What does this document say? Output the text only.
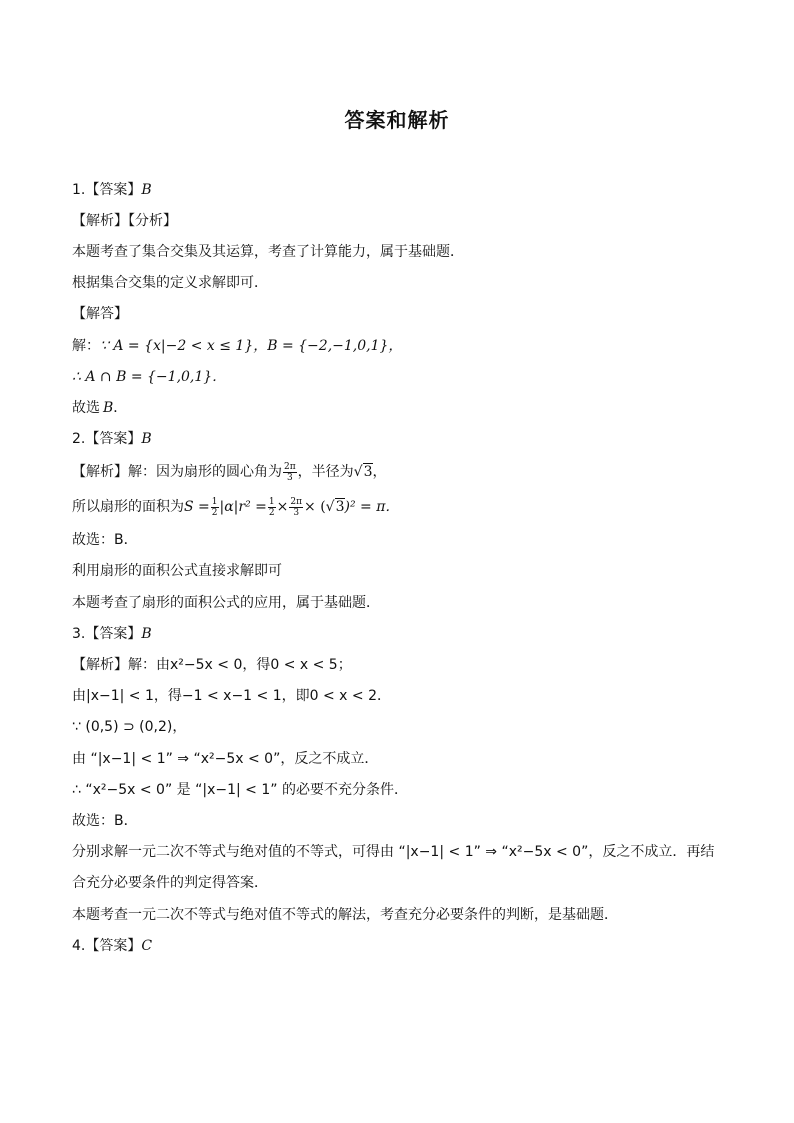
答案和解析
1.【答案】 B
【解析】【分析】
本题考查了集合交集及其运算，考查了计算能力，属于基础题．
根据集合交集的定义求解即可．
【解答】
解： ∵ A = {x|−2 < x ≤ 1}，B = {−2,−1,0,1}，
∴ A ∩ B = {−1,0,1}．
故选 B ．
2.【答案】 B
【解析】解：因为扇形的圆心角为 $\frac{2\pi}{3}$ ，半径为 √3 ，
所以扇形的面积为 $S = \frac{1}{2} |\alpha|r^2 = \frac{1}{2} \times \frac{2\pi}{3}$ × ( √3 )² = π．
故选：B．
利用扇形的面积公式直接求解即可
本题考查了扇形的面积公式的应用，属于基础题．
3.【答案】 B
【解析】解：由x²−5x < 0，得0 < x < 5；
由|x−1| < 1，得−1 < x−1 < 1，即0 < x < 2．
∵ (0,5) ⊃ (0,2)，
由 “|x−1| < 1” ⇒ “x²−5x < 0”，反之不成立．
∴ “x²−5x < 0” 是 “|x−1| < 1” 的必要不充分条件．
故选：B．
分别求解一元二次不等式与绝对值的不等式，可得由 “|x−1| < 1” ⇒ “x²−5x < 0”，反之不成立．再结
合充分必要条件的判定得答案．
本题考查一元二次不等式与绝对值不等式的解法，考查充分必要条件的判断，是基础题．
4.【答案】 C
